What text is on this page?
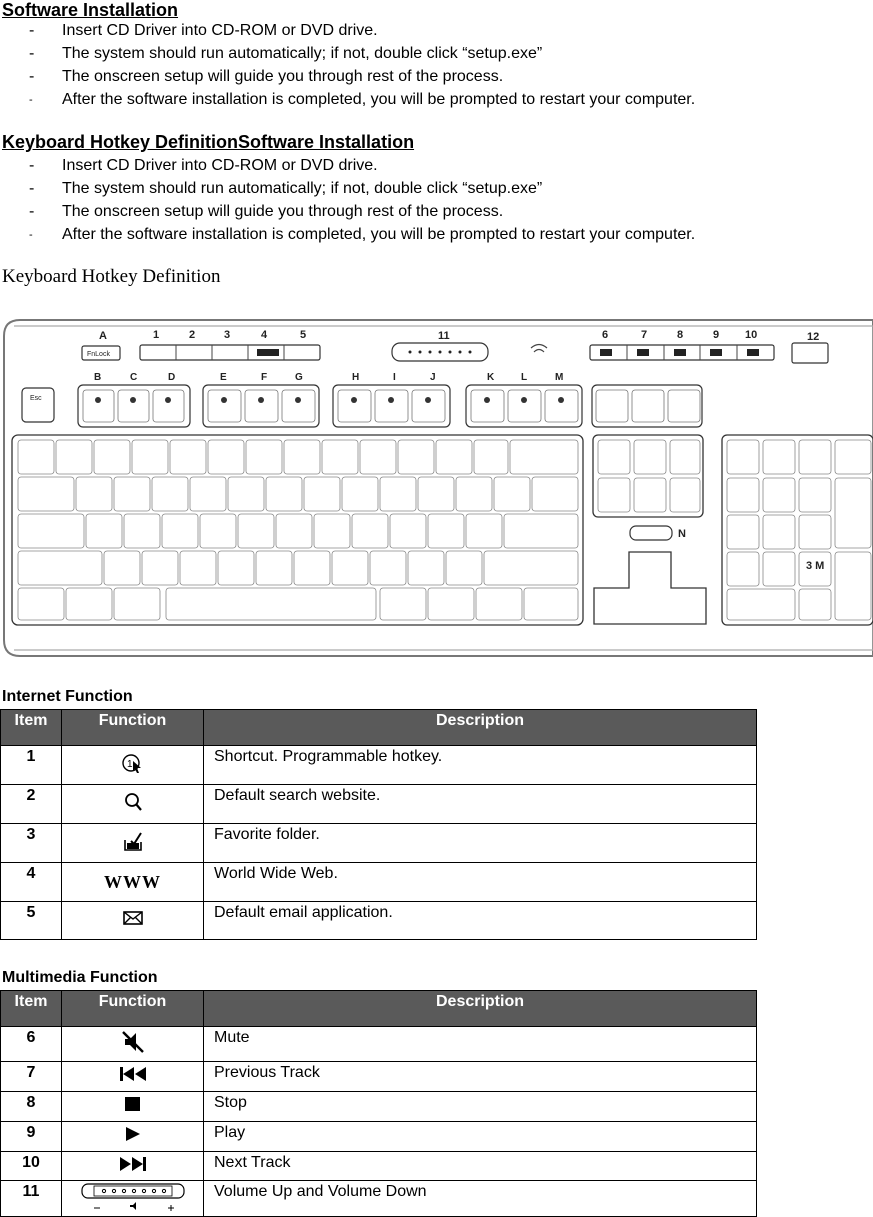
Software Installation
- Insert CD Driver into CD-ROM or DVD drive.
- The system should run automatically; if not, double click “setup.exe”
- The onscreen setup will guide you through rest of the process.
- After the software installation is completed, you will be prompted to restart your computer.
Keyboard Hotkey DefinitionSoftware Installation
- Insert CD Driver into CD-ROM or DVD drive.
- The system should run automatically; if not, double click “setup.exe”
- The onscreen setup will guide you through rest of the process.
- After the software installation is completed, you will be prompted to restart your computer.
Keyboard Hotkey Definition
A	1	2	3	4	5	11	6	7	8	9 10	12
FnLock
B	C	D	E	F	G	H	I	J	K	L	M
Esc
N
3 M
Internet Function
Item	Function	Description
1	1	Shortcut. Programmable hotkey.
2		Default search website.
3		Favorite folder.
4	WWW	World Wide Web.
5		Default email application.
Multimedia Function
Item	Function	Description
6		Mute
7		Previous Track
8		Stop
9		Play
10		Next Track
11		Volume Up and Volume Down
